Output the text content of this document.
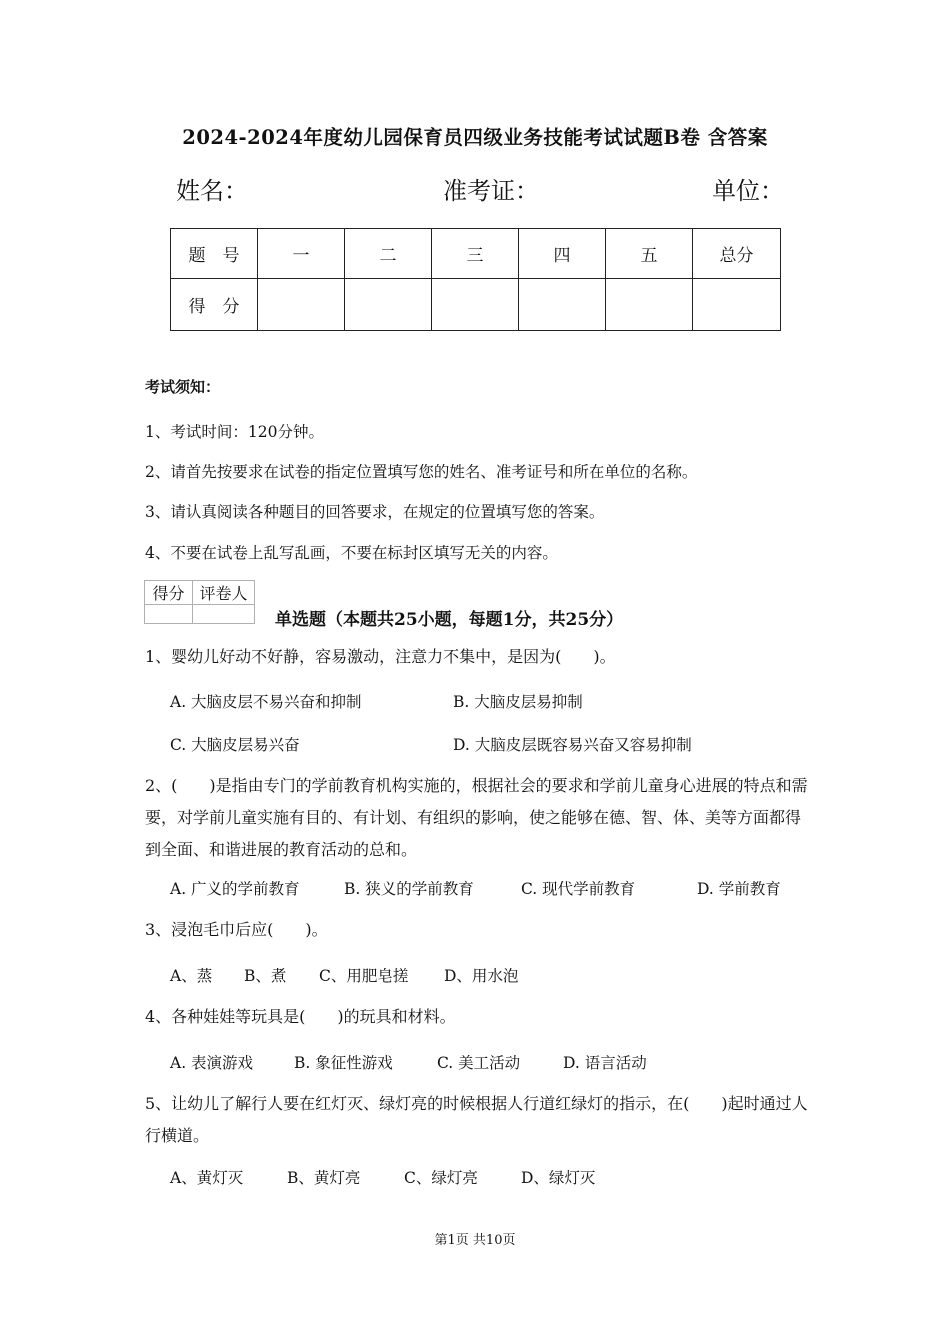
2024-2024年度幼儿园保育员四级业务技能考试试题B卷 含答案
姓名：	准考证：	单位：
题　号	一	二	三	四	五	总分
得　分						
考试须知：
1、考试时间：120分钟。
2、请首先按要求在试卷的指定位置填写您的姓名、准考证号和所在单位的名称。
3、请认真阅读各种题目的回答要求，在规定的位置填写您的答案。
4、不要在试卷上乱写乱画，不要在标封区填写无关的内容。
得分	评卷人

单选题（本题共25小题，每题1分，共25分）
1、婴幼儿好动不好静，容易激动，注意力不集中，是因为(　　)。
A. 大脑皮层不易兴奋和抑制	B. 大脑皮层易抑制
C. 大脑皮层易兴奋	D. 大脑皮层既容易兴奋又容易抑制
2、(　　)是指由专门的学前教育机构实施的，根据社会的要求和学前儿童身心进展的特点和需要，对学前儿童实施有目的、有计划、有组织的影响，使之能够在德、智、体、美等方面都得到全面、和谐进展的教育活动的总和。
A. 广义的学前教育	B. 狭义的学前教育	C. 现代学前教育	D. 学前教育
3、浸泡毛巾后应(　　)。
A、蒸 B、煮 C、用肥皂搓 D、用水泡
4、各种娃娃等玩具是(　　)的玩具和材料。
A. 表演游戏	B. 象征性游戏	C. 美工活动	D. 语言活动
5、让幼儿了解行人要在红灯灭、绿灯亮的时候根据人行道红绿灯的指示，在(　　)起时通过人行横道。
A、黄灯灭	B、黄灯亮	C、绿灯亮	D、绿灯灭
第1页 共10页
